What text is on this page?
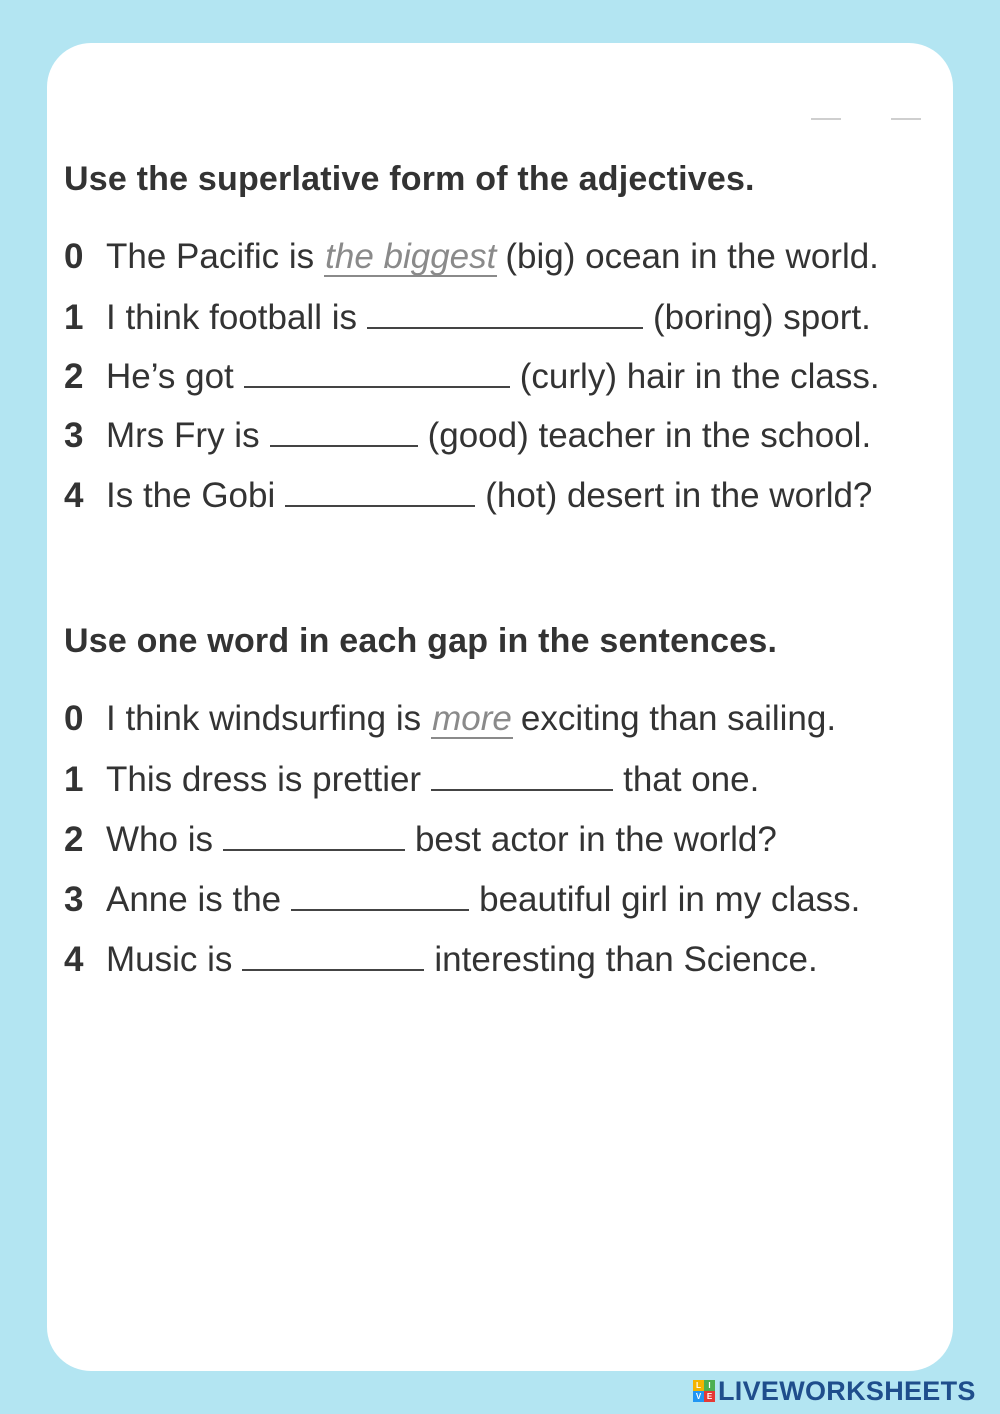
Use the superlative form of the adjectives.
0 The Pacific is the biggest (big) ocean in the world.
1 I think football is	(boring) sport.
2 He’s got	(curly) hair in the class.
3 Mrs Fry is	(good) teacher in the school.
4 Is the Gobi	(hot) desert in the world?
Use one word in each gap in the sentences.
0 I think windsurfing is more exciting than sailing.
1 This dress is prettier	that one.
2 Who is	best actor in the world?
3 Anne is the	beautiful girl in my class.
4 Music is	interesting than Science.
L I
V E LIVEWORKSHEETS
